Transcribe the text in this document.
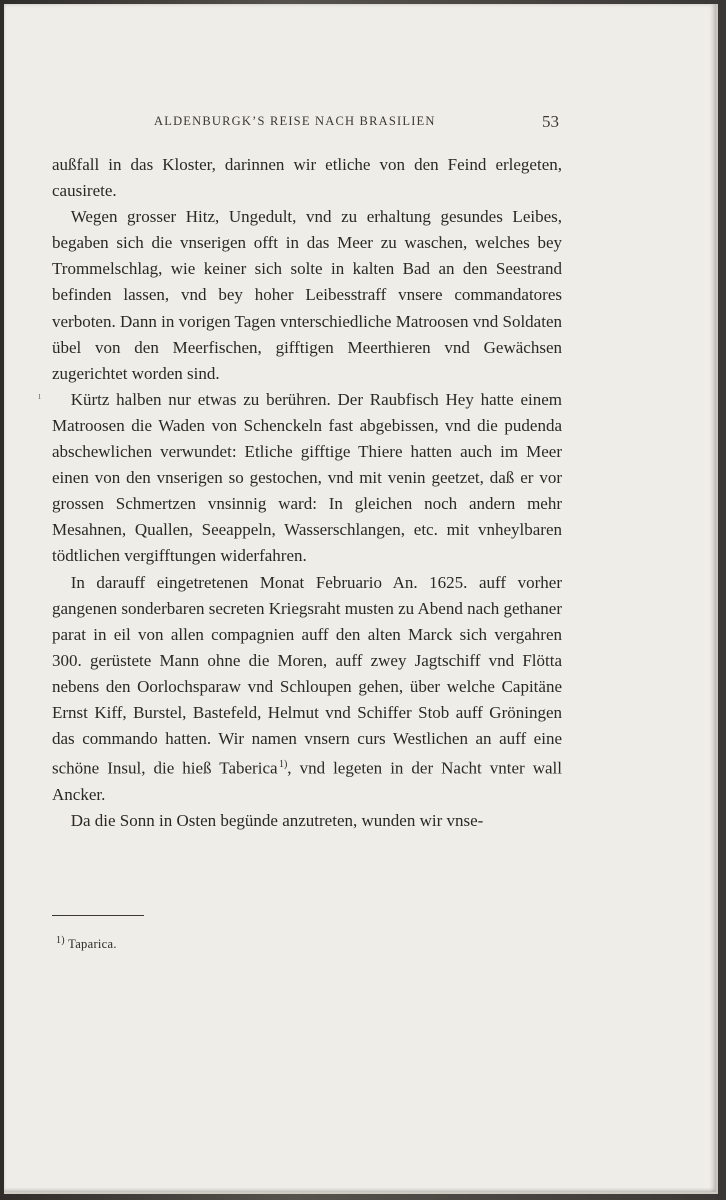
ALDENBURGK’S REISE NACH BRASILIEN	53

außfall in das Kloster, darinnen wir etliche von den Feind erlegeten, causirete.

Wegen grosser Hitz, Ungedult, vnd zu erhaltung gesundes Leibes, begaben sich die vnserigen offt in das Meer zu waschen, welches bey Trommelschlag, wie keiner sich solte in kalten Bad an den Seestrand befinden lassen, vnd bey hoher Leibesstraff vnsere commandatores verboten. Dann in vorigen Tagen vnterschiedliche Matroosen vnd Soldaten übel von den Meerfischen, gifftigen Meerthieren vnd Gewächsen zugerichtet worden sind.

Kürtz halben nur etwas zu berühren. Der Raubfisch Hey hatte einem Matroosen die Waden von Schenckeln fast abgebissen, vnd die pudenda abschewlichen verwundet: Etliche gifftige Thiere hatten auch im Meer einen von den vnserigen so gestochen, vnd mit venin geetzet, daß er vor grossen Schmertzen vnsinnig ward: In gleichen noch andern mehr Mesahnen, Quallen, Seeappeln, Wasserschlangen, etc. mit vnheylbaren tödtlichen vergifftungen widerfahren.

In darauff eingetretenen Monat Februario An. 1625. auff vorher gangenen sonderbaren secreten Kriegsraht musten zu Abend nach gethaner parat in eil von allen compagnien auff den alten Marck sich vergahren 300. gerüstete Mann ohne die Moren, auff zwey Jagtschiff vnd Flötta nebens den Oorlochsparaw vnd Schloupen gehen, über welche Capitäne Ernst Kiff, Burstel, Bastefeld, Helmut vnd Schiffer Stob auff Gröningen das commando hatten. Wir namen vnsern curs Westlichen an auff eine schöne Insul, die hieß Taberica $^{1)}$, vnd legeten in der Nacht vnter wall Ancker.

Da die Sonn in Osten begünde anzutreten, wunden wir vnse-

ı
$^{1)}$ Taparica.
